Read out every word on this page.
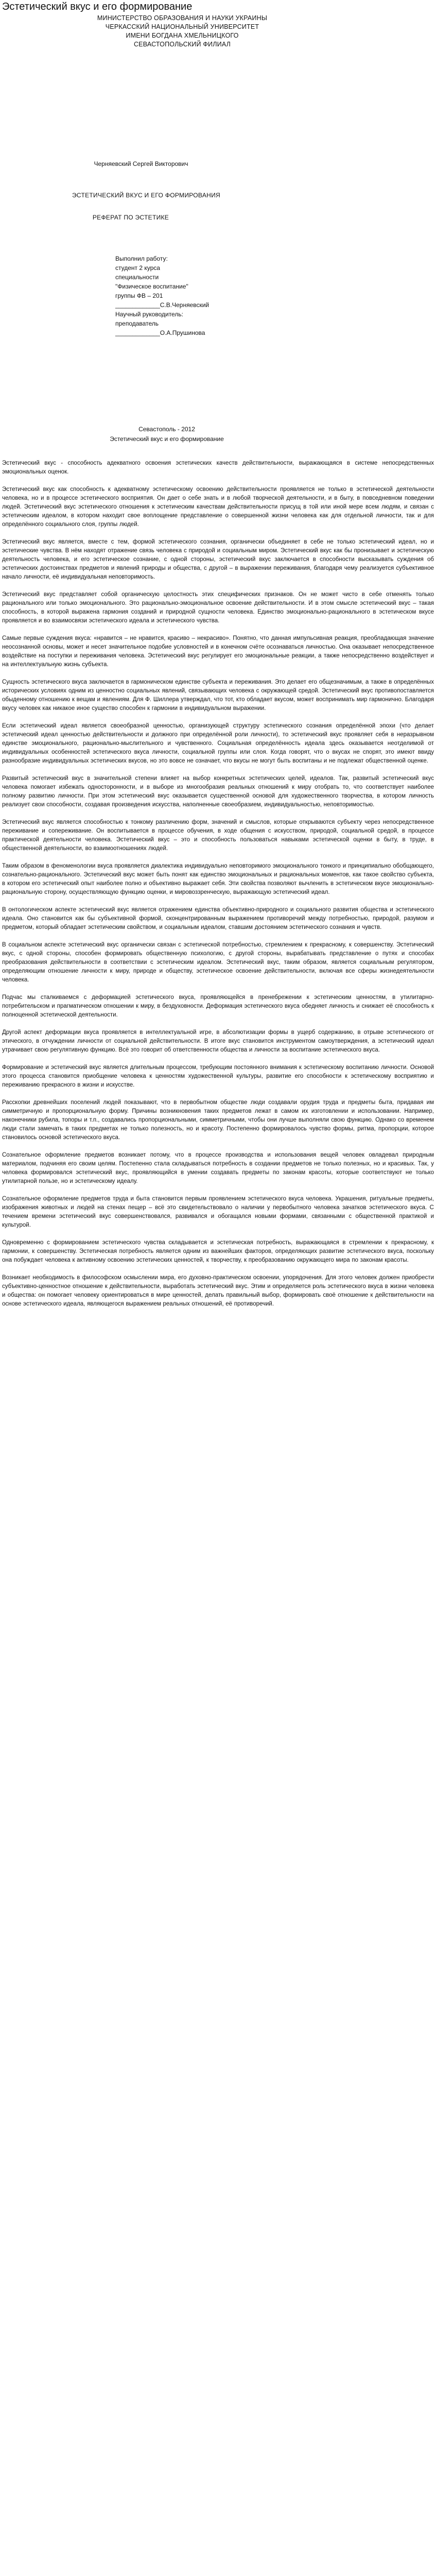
Эстетический вкус и его формирование
МИНИСТЕРСТВО ОБРАЗОВАНИЯ И НАУКИ УКРАИНЫ
ЧЕРКАССКИЙ НАЦИОНАЛЬНЫЙ УНИВЕРСИТЕТ
ИМЕНИ БОГДАНА ХМЕЛЬНИЦКОГО
СЕВАСТОПОЛЬСКИЙ ФИЛИАЛ
Черняевский Сергей Викторович
ЭСТЕТИЧЕСКИЙ ВКУС И ЕГО ФОРМИРОВАНИЯ
РЕФЕРАТ ПО ЭСТЕТИКЕ
Выполнил работу:
студент 2 курса
специальности
"Физическое воспитание"
группы ФВ – 201
_____________С.В.Черняевский
Научный руководитель:
преподаватель
_____________О.А.Прушинова
Севастополь - 2012
Эстетический вкус и его формирование

Эстетический вкус - способность адекватного освоения эстетических качеств действительности, выражающаяся в системе непосредственных эмоциональных оценок.

Эстетический вкус как способность к адекватному эстетическому освоению действительности проявляется не только в эстетической деятельности человека, но и в процессе эстетического восприятия. Он дает о себе знать и в любой творческой деятельности, и в быту, в повседневном поведении людей. Эстетический вкус эстетического отношения к эстетическим качествам действительности присущ в той или иной мере всем людям, и связан с эстетическим идеалом, в котором находит свое воплощение представление о совершенной жизни человека как для отдельной личности, так и для определённого социального слоя, группы людей.

Эстетический вкус является, вместе с тем, формой эстетического сознания, органически объединяет в себе не только эстетический идеал, но и эстетические чувства. В нём находят отражение связь человека с природой и социальным миром. Эстетический вкус как бы пронизывает и эстетическую деятельность человека, и его эстетическое сознание, с одной стороны, эстетический вкус заключается в способности высказывать суждения об эстетических достоинствах предметов и явлений природы и общества, с другой – в выражении переживания, благодаря чему реализуется субъективное начало личности, её индивидуальная неповторимость.

Эстетический вкус представляет собой органическую целостность этих специфических признаков. Он не может чисто в себе отменять только рационального или только эмоционального. Это рационально-эмоциональное освоение действительности. И в этом смысле эстетический вкус – такая способность, в которой выражена гармония созданий и природной сущности человека. Единство эмоционально-рационального в эстетическом вкусе проявляется и во взаимосвязи эстетического идеала и эстетического чувства.

Самые первые суждения вкуса: «нравится – не нравится, красиво – некрасиво». Понятно, что данная импульсивная реакция, преобладающая значение неосознанной основы, может и несет значительное подобие условностей и в конечном счёте осознаваться личностью. Она оказывает непосредственное воздействие на поступки и переживания человека. Эстетический вкус регулирует его эмоциональные реакции, а также непосредственно воздействует и на интеллектуальную жизнь субъекта.

Сущность эстетического вкуса заключается в гармоническом единстве субъекта и переживания. Это делает его общезначимым, а также в определённых исторических условиях одним из ценностно социальных явлений, связывающих человека с окружающей средой. Эстетический вкус противопоставляется обыденному отношению к вещам и явлениям. Для Ф. Шиллера утверждал, что тот, кто обладает вкусом, может воспринимать мир гармонично. Благодаря вкусу человек как никакое иное существо способен к гармонии в индивидуальном выражении.

Если эстетический идеал является своеобразной ценностью, организующей структуру эстетического сознания определённой эпохи (что делает эстетический идеал ценностью действительности и должного при определённой роли личности), то эстетический вкус проявляет себя в неразрывном единстве эмоционального, рационально-мыслительного и чувственного. Социальная определённость идеала здесь оказывается неотделимой от индивидуальных особенностей эстетического вкуса личности, социальной группы или слоя. Когда говорят, что о вкусах не спорят, это имеют ввиду разнообразие индивидуальных эстетических вкусов, но это вовсе не означает, что вкусы не могут быть воспитаны и не подлежат общественной оценке.

Развитый эстетический вкус в значительной степени влияет на выбор конкретных эстетических целей, идеалов. Так, развитый эстетический вкус человека помогает избежать односторонности, и в выборе из многообразия реальных отношений к миру отобрать то, что соответствует наиболее полному развитию личности. При этом эстетический вкус оказывается существенной основой для художественного творчества, в котором личность реализует свои способности, создавая произведения искусства, наполненные своеобразием, индивидуальностью, неповторимостью.

Эстетический вкус является способностью к тонкому различению форм, значений и смыслов, которые открываются субъекту через непосредственное переживание и сопереживание. Он воспитывается в процессе обучения, в ходе общения с искусством, природой, социальной средой, в процессе практической деятельности человека. Эстетический вкус – это и способность пользоваться навыками эстетической оценки в быту, в труде, в общественной деятельности, во взаимоотношениях людей.

Таким образом в феноменологии вкуса проявляется диалектика индивидуально неповторимого эмоционального тонкого и принципиально обобщающего, сознательно-рационального. Эстетический вкус может быть понят как единство эмоциональных и рациональных моментов, как такое свойство субъекта, в котором его эстетический опыт наиболее полно и объективно выражает себя. Эти свойства позволяют вычленить в эстетическом вкусе эмоционально-рациональную сторону, осуществляющую функцию оценки, и мировоззренческую, выражающую эстетический идеал.

В онтологическом аспекте эстетический вкус является отражением единства объективно-природного и социального развития общества и эстетического идеала. Оно становится как бы субъективной формой, сконцентрированным выражением противоречий между потребностью, природой, разумом и предметом, который обладает эстетическим свойством, и социальным идеалом, ставшим достоянием эстетического сознания и чувств.

В социальном аспекте эстетический вкус органически связан с эстетической потребностью, стремлением к прекрасному, к совершенству. Эстетический вкус, с одной стороны, способен формировать общественную психологию, с другой стороны, вырабатывать представление о путях и способах преобразования действительности в соответствии с эстетическим идеалом. Эстетический вкус, таким образом, является социальным регулятором, определяющим отношение личности к миру, природе и обществу, эстетическое освоение действительности, включая все сферы жизнедеятельности человека.

Подчас мы сталкиваемся с деформацией эстетического вкуса, проявляющейся в пренебрежении к эстетическим ценностям, в утилитарно-потребительском и прагматическом отношении к миру, в бездуховности. Деформация эстетического вкуса обедняет личность и снижает её способность к полноценной эстетической деятельности.

Другой аспект деформации вкуса проявляется в интеллектуальной игре, в абсолютизации формы в ущерб содержанию, в отрыве эстетического от этического, в отчуждении личности от социальной действительности. В итоге вкус становится инструментом самоутверждения, а эстетический идеал утрачивает свою регулятивную функцию. Всё это говорит об ответственности общества и личности за воспитание эстетического вкуса.

Формирование и эстетический вкус является длительным процессом, требующим постоянного внимания к эстетическому воспитанию личности. Основой этого процесса становится приобщение человека к ценностям художественной культуры, развитие его способности к эстетическому восприятию и переживанию прекрасного в жизни и искусстве.

Расскопки древнейших поселений людей показывают, что в первобытном обществе люди создавали орудия труда и предметы быта, придавая им симметричную и пропорциональную форму. Причины возникновения таких предметов лежат в самом их изготовлении и использовании. Например, наконечники рубила, топоры и т.п., создавались пропорциональными, симметричными, чтобы они лучше выполняли свою функцию. Однако со временем люди стали замечать в таких предметах не только полезность, но и красоту. Постепенно формировалось чувство формы, ритма, пропорции, которое становилось основой эстетического вкуса.

Сознательное оформление предметов возникает потому, что в процессе производства и использования вещей человек овладевал природным материалом, подчиняя его своим целям. Постепенно стала складываться потребность в создании предметов не только полезных, но и красивых. Так, у человека формировался эстетический вкус, проявляющийся в умении создавать предметы по законам красоты, которые соответствуют не только утилитарной пользе, но и эстетическому идеалу.

Сознательное оформление предметов труда и быта становится первым проявлением эстетического вкуса человека. Украшения, ритуальные предметы, изображения животных и людей на стенах пещер – всё это свидетельствовало о наличии у первобытного человека зачатков эстетического вкуса. С течением времени эстетический вкус совершенствовался, развивался и обогащался новыми формами, связанными с общественной практикой и культурой.

Одновременно с формированием эстетического чувства складывается и эстетическая потребность, выражающаяся в стремлении к прекрасному, к гармонии, к совершенству. Эстетическая потребность является одним из важнейших факторов, определяющих развитие эстетического вкуса, поскольку она побуждает человека к активному освоению эстетических ценностей, к творчеству, к преобразованию окружающего мира по законам красоты.

Возникает необходимость в философском осмыслении мира, его духовно-практическом освоении, упорядочения. Для этого человек должен приобрести субъективно-ценностное отношение к действительности, выработать эстетический вкус. Этим и определяется роль эстетического вкуса в жизни человека и общества: он помогает человеку ориентироваться в мире ценностей, делать правильный выбор, формировать своё отношение к действительности на основе эстетического идеала, являющегося выражением реальных отношений, её противоречий.
